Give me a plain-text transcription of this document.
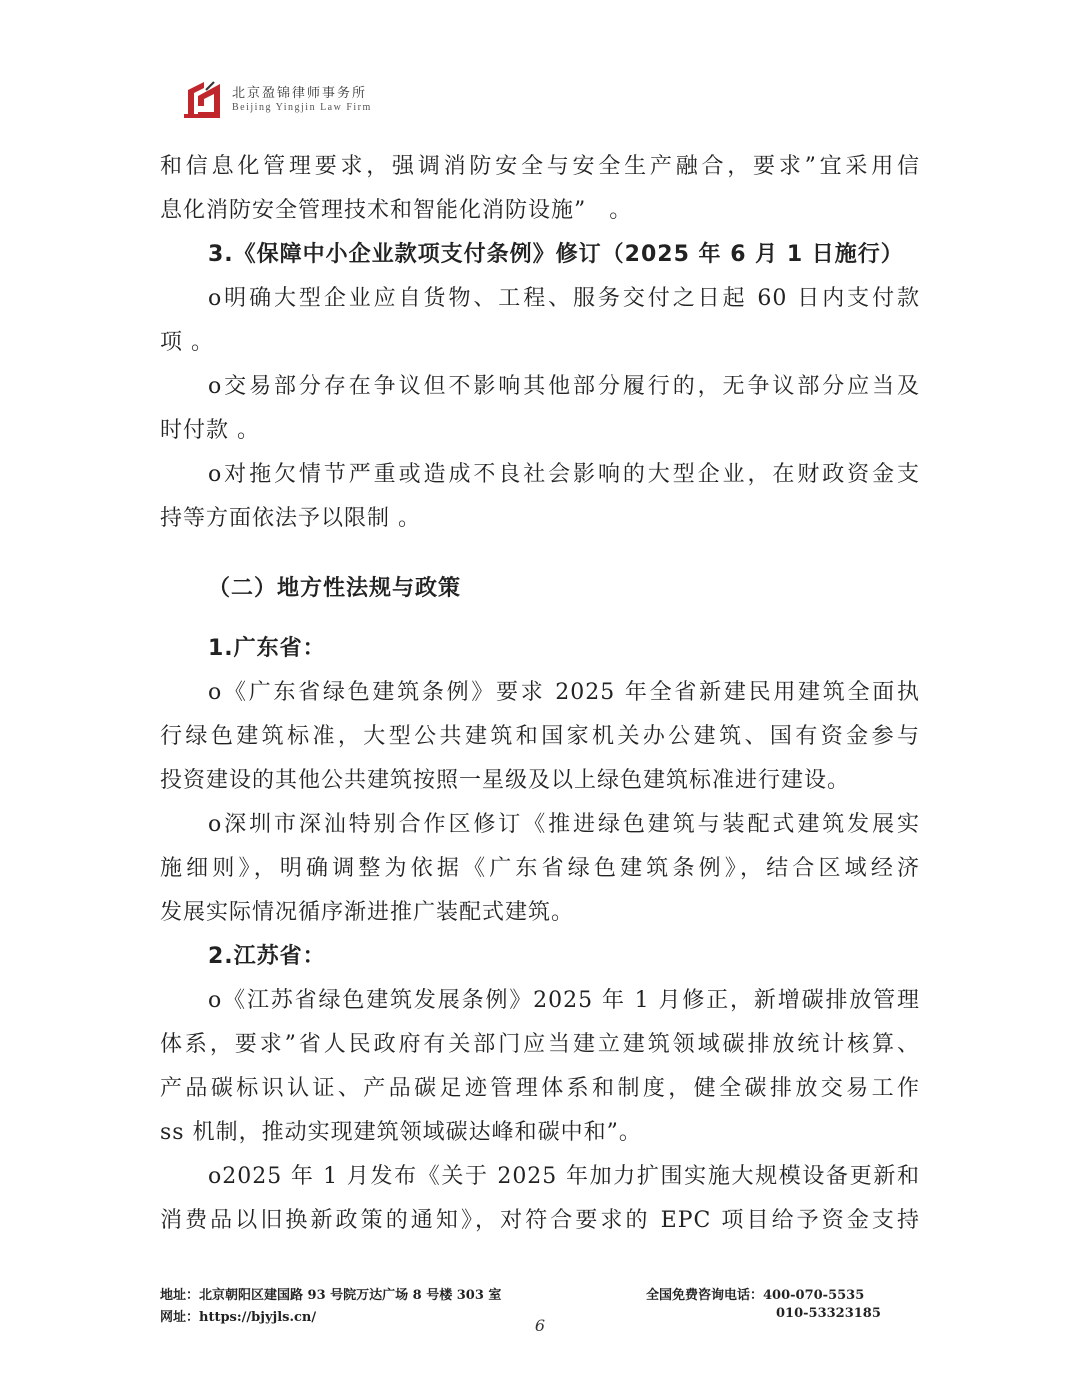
北京盈锦律师事务所
Beijing Yingjin Law Firm
和信息化管理要求，强调消防安全与安全生产融合，要求”宜采用信
息化消防安全管理技术和智能化消防设施”　。
3.《保障中小企业款项支付条例》修订（2025 年 6 月 1 日施行）
ο明确大型企业应自货物、工程、服务交付之日起 60 日内支付款
项 。
ο交易部分存在争议但不影响其他部分履行的，无争议部分应当及
时付款 。
ο对拖欠情节严重或造成不良社会影响的大型企业，在财政资金支
持等方面依法予以限制 。
（二）地方性法规与政策
1.广东省：
ο《广东省绿色建筑条例》要求 2025 年全省新建民用建筑全面执
行绿色建筑标准，大型公共建筑和国家机关办公建筑、国有资金参与
投资建设的其他公共建筑按照一星级及以上绿色建筑标准进行建设。
ο深圳市深汕特别合作区修订《推进绿色建筑与装配式建筑发展实
施细则》，明确调整为依据《广东省绿色建筑条例》，结合区域经济
发展实际情况循序渐进推广装配式建筑。
2.江苏省：
ο《江苏省绿色建筑发展条例》2025 年 1 月修正，新增碳排放管理
体系，要求”省人民政府有关部门应当建立建筑领域碳排放统计核算、
产品碳标识认证、产品碳足迹管理体系和制度，健全碳排放交易工作
ss 机制，推动实现建筑领域碳达峰和碳中和”。
ο2025 年 1 月发布《关于 2025 年加力扩围实施大规模设备更新和
消费品以旧换新政策的通知》，对符合要求的 EPC 项目给予资金支持
地址：北京朝阳区建国路 93 号院万达广场 8 号楼 303 室
网址：https://bjyjls.cn/
全国免费咨询电话：400-070-5535
010-53323185
6
